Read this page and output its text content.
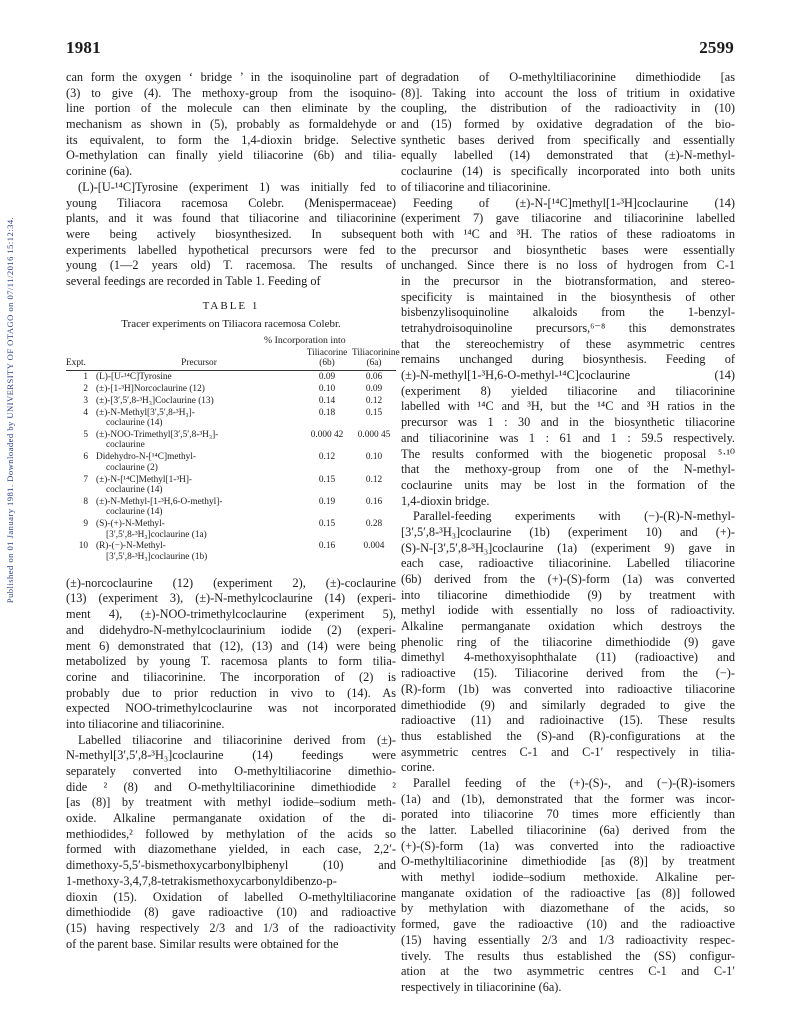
Published on 01 January 1981. Downloaded by UNIVERSITY OF OTAGO on 07/11/2016 15:12:34.
1981	2599
can form the oxygen ‘ bridge ’ in the isoquinoline part of
(3) to give (4). The methoxy-group from the isoquino-
line portion of the molecule can then eliminate by the
mechanism as shown in (5), probably as formaldehyde or
its equivalent, to form the 1,4-dioxin bridge. Selective
O-methylation can finally yield tiliacorine (6b) and tilia-
corinine (6a).
(L)-[U-¹⁴C]Tyrosine (experiment 1) was initially fed to
young Tiliacora racemosa Colebr. (Menispermaceae)
plants, and it was found that tiliacorine and tiliacorinine
were being actively biosynthesized. In subsequent
experiments labelled hypothetical precursors were fed to
young (1—2 years old) T. racemosa. The results of
several feedings are recorded in Table 1. Feeding of
TABLE 1
Tracer experiments on Tiliacora racemosa Colebr.
% Incorporation into
Tiliacorine Tiliacorinine
Expt.	Precursor	(6b)	(6a)
1 (L)-[U-¹⁴C]Tyrosine	0.09	0.06
2 (±)-[1-³H]Norcoclaurine (12)	0.10	0.09
3 (±)-[3′,5′,8-³H₃]Coclaurine (13)	0.14	0.12
4 (±)-N-Methyl[3′,5′,8-³H₃]-	0.18	0.15
coclaurine (14)
5 (±)-NOO-Trimethyl[3′,5′,8-³H₃]-	0.000 42	0.000 45
coclaurine
6 Didehydro-N-[¹⁴C]methyl-	0.12	0.10
coclaurine (2)
7 (±)-N-[¹⁴C]Methyl[1-³H]-	0.15	0.12
coclaurine (14)
8 (±)-N-Methyl-[1-³H,6-O-methyl]-	0.19	0.16
coclaurine (14)
9 (S)-(+)-N-Methyl-	0.15	0.28
[3′,5′,8-³H₃]coclaurine (1a)
10 (R)-(−)-N-Methyl-	0.16	0.004
[3′,5′,8-³H₃]coclaurine (1b)
(±)-norcoclaurine (12) (experiment 2), (±)-coclaurine
(13) (experiment 3), (±)-N-methylcoclaurine (14) (experi-
ment 4), (±)-NOO-trimethylcoclaurine (experiment 5),
and didehydro-N-methylcoclaurinium iodide (2) (experi-
ment 6) demonstrated that (12), (13) and (14) were being
metabolized by young T. racemosa plants to form tilia-
corine and tiliacorinine. The incorporation of (2) is
probably due to prior reduction in vivo to (14). As
expected NOO-trimethylcoclaurine was not incorporated
into tiliacorine and tiliacorinine.
Labelled tiliacorine and tiliacorinine derived from (±)-
N-methyl[3′,5′,8-³H₃]coclaurine (14) feedings were
separately converted into O-methyltiliacorine dimethio-
dide ² (8) and O-methyltiliacorinine dimethiodide ²
[as (8)] by treatment with methyl iodide–sodium meth-
oxide. Alkaline permanganate oxidation of the di-
methiodides,² followed by methylation of the acids so
formed with diazomethane yielded, in each case, 2,2′-
dimethoxy-5,5′-bismethoxycarbonylbiphenyl (10) and
1-methoxy-3,4,7,8-tetrakismethoxycarbonyldibenzo-p-
dioxin (15). Oxidation of labelled O-methyltiliacorine
dimethiodide (8) gave radioactive (10) and radioactive
(15) having respectively 2/3 and 1/3 of the radioactivity
of the parent base. Similar results were obtained for the
degradation of O-methyltiliacorinine dimethiodide [as
(8)]. Taking into account the loss of tritium in oxidative
coupling, the distribution of the radioactivity in (10)
and (15) formed by oxidative degradation of the bio-
synthetic bases derived from specifically and essentially
equally labelled (14) demonstrated that (±)-N-methyl-
coclaurine (14) is specifically incorporated into both units
of tiliacorine and tiliacorinine.
Feeding of (±)-N-[¹⁴C]methyl[1-³H]coclaurine (14)
(experiment 7) gave tiliacorine and tiliacorinine labelled
both with ¹⁴C and ³H. The ratios of these radioatoms in
the precursor and biosynthetic bases were essentially
unchanged. Since there is no loss of hydrogen from C-1
in the precursor in the biotransformation, and stereo-
specificity is maintained in the biosynthesis of other
bisbenzylisoquinoline alkaloids from the 1-benzyl-
tetrahydroisoquinoline precursors,⁶⁻⁸ this demonstrates
that the stereochemistry of these asymmetric centres
remains unchanged during biosynthesis. Feeding of
(±)-N-methyl[1-³H,6-O-methyl-¹⁴C]coclaurine (14)
(experiment 8) yielded tiliacorine and tiliacorinine
labelled with ¹⁴C and ³H, but the ¹⁴C and ³H ratios in the
precursor was 1 : 30 and in the biosynthetic tiliacorine
and tiliacorinine was 1 : 61 and 1 : 59.5 respectively.
The results conformed with the biogenetic proposal ⁵·¹⁰
that the methoxy-group from one of the N-methyl-
coclaurine units may be lost in the formation of the
1,4-dioxin bridge.
Parallel-feeding experiments with (−)-(R)-N-methyl-
[3′,5′,8-³H₃]coclaurine (1b) (experiment 10) and (+)-
(S)-N-[3′,5′,8-³H₃]coclaurine (1a) (experiment 9) gave in
each case, radioactive tiliacorinine. Labelled tiliacorine
(6b) derived from the (+)-(S)-form (1a) was converted
into tiliacorine dimethiodide (9) by treatment with
methyl iodide with essentially no loss of radioactivity.
Alkaline permanganate oxidation which destroys the
phenolic ring of the tiliacorine dimethiodide (9) gave
dimethyl 4-methoxyisophthalate (11) (radioactive) and
radioactive (15). Tiliacorine derived from the (−)-
(R)-form (1b) was converted into radioactive tiliacorine
dimethiodide (9) and similarly degraded to give the
radioactive (11) and radioinactive (15). These results
thus established the (S)-and (R)-configurations at the
asymmetric centres C-1 and C-1′ respectively in tilia-
corine.
Parallel feeding of the (+)-(S)-, and (−)-(R)-isomers
(1a) and (1b), demonstrated that the former was incor-
porated into tiliacorine 70 times more efficiently than
the latter. Labelled tiliacorinine (6a) derived from the
(+)-(S)-form (1a) was converted into the radioactive
O-methyltiliacorinine dimethiodide [as (8)] by treatment
with methyl iodide–sodium methoxide. Alkaline per-
manganate oxidation of the radioactive [as (8)] followed
by methylation with diazomethane of the acids, so
formed, gave the radioactive (10) and the radioactive
(15) having essentially 2/3 and 1/3 radioactivity respec-
tively. The results thus established the (SS) configur-
ation at the two asymmetric centres C-1 and C-1′
respectively in tiliacorinine (6a).
